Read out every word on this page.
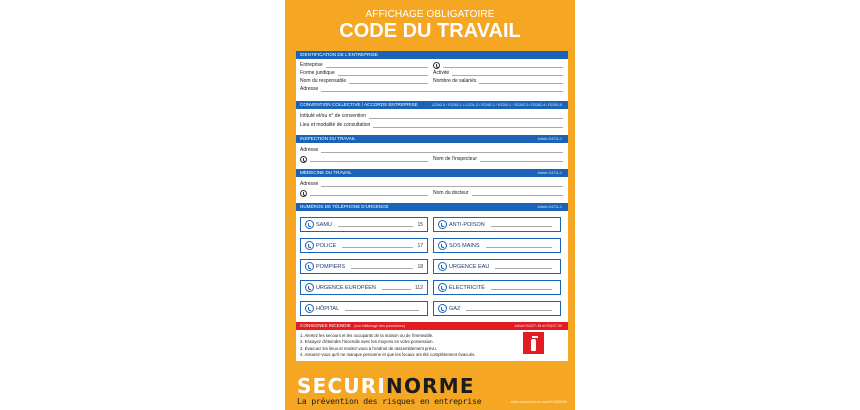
AFFICHAGE OBLIGATOIRE
CODE DU TRAVAIL
IDENTIFICATION DE L'ENTREPRISE
Entreprise
Forme juridique	Activité
Nom du responsable	Nombre de salariés
Adresse
CONVENTION COLLECTIVE / ACCORDS ENTREPRISE	L2262-5 / R2262-1 / L2231-2 / R2262-2 / R2262-1 / R2262-3 / R2262-4 / R2262-5
Intitulé et/ou n° de convention
Lieu et modalité de consultation
INSPECTION DU TRAVAIL	Article D4711-1
Adresse
Nom de l'inspecteur
MÉDECINE DU TRAVAIL	Article D4711-1
Adresse
Nom du docteur
NUMÉROS DE TÉLÉPHONE D'URGENCE	Article D4711-1
SAMU	15	ANTI-POISON
POLICE	17	SOS MAINS
POMPIERS	18	URGENCE EAU
URGENCE EUROPÉEN	112	ÉLECTRICITÉ
HÔPITAL	GAZ
CONSIGNES INCENDIE (voir l'affichage des procédures)	Article R4227-38 et R4227-39
1. Alertez les secours et les occupants de la maison ou de l'immeuble.
2. Essayez d'éteindre l'incendie avec les moyens en votre possession.
3. Évacuez les lieux et rendez-vous à l'endroit de rassemblement prévu.
4. Assurez-vous qu'il ne manque personne et que les locaux ont été complètement évacués.
SECURINORME
La prévention des risques en entreprise	www.securinorme.com/01280052
